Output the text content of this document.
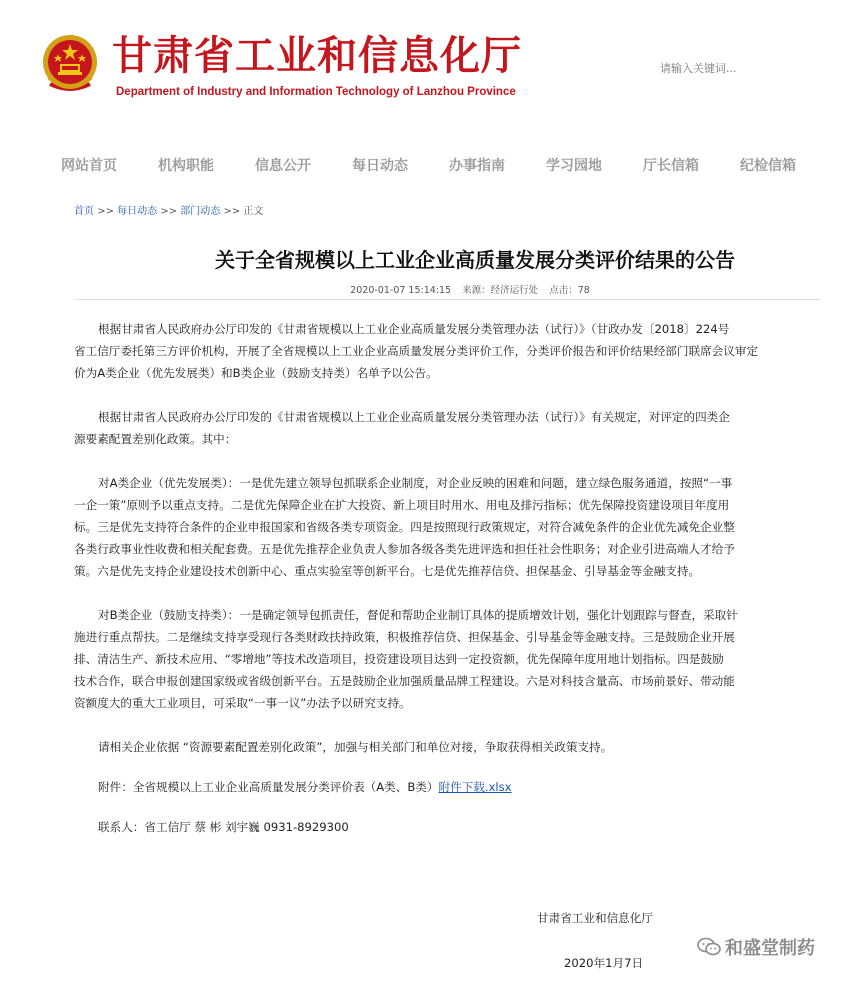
甘肃省工业和信息化厅
Department of Industry and Information Technology of Lanzhou Province
请输入关键词...
网站首页	机构职能	信息公开	每日动态	办事指南	学习园地	厅长信箱	纪检信箱
首页 >> 每日动态 >> 部门动态 >> 正文
关于全省规模以上工业企业高质量发展分类评价结果的公告
2020-01-07 15:14:15 来源：经济运行处 点击：78
根据甘肃省人民政府办公厅印发的《甘肃省规模以上工业企业高质量发展分类管理办法（试行）》（甘政办发〔2018〕224号
省工信厅委托第三方评价机构，开展了全省规模以上工业企业高质量发展分类评价工作，分类评价报告和评价结果经部门联席会议审定
价为A类企业（优先发展类）和B类企业（鼓励支持类）名单予以公告。
根据甘肃省人民政府办公厅印发的《甘肃省规模以上工业企业高质量发展分类管理办法（试行）》有关规定，对评定的四类企
源要素配置差别化政策。其中：
对A类企业（优先发展类）：一是优先建立领导包抓联系企业制度，对企业反映的困难和问题，建立绿色服务通道，按照“一事
一企一策”原则予以重点支持。二是优先保障企业在扩大投资、新上项目时用水、用电及排污指标；优先保障投资建设项目年度用
标。三是优先支持符合条件的企业申报国家和省级各类专项资金。四是按照现行政策规定，对符合减免条件的企业优先减免企业整
各类行政事业性收费和相关配套费。五是优先推荐企业负责人参加各级各类先进评选和担任社会性职务；对企业引进高端人才给予
策。六是优先支持企业建设技术创新中心、重点实验室等创新平台。七是优先推荐信贷、担保基金、引导基金等金融支持。
对B类企业（鼓励支持类）：一是确定领导包抓责任，督促和帮助企业制订具体的提质增效计划，强化计划跟踪与督查，采取针
施进行重点帮扶。二是继续支持享受现行各类财政扶持政策，积极推荐信贷、担保基金、引导基金等金融支持。三是鼓励企业开展
排、清洁生产、新技术应用、“零增地”等技术改造项目，投资建设项目达到一定投资额，优先保障年度用地计划指标。四是鼓励
技术合作，联合申报创建国家级或省级创新平台。五是鼓励企业加强质量品牌工程建设。六是对科技含量高、市场前景好、带动能
资额度大的重大工业项目，可采取“一事一议”办法予以研究支持。
请相关企业依据 “资源要素配置差别化政策”，加强与相关部门和单位对接，争取获得相关政策支持。
附件：全省规模以上工业企业高质量发展分类评价表（A类、B类）附件下载.xlsx
联系人：省工信厅 蔡 彬 刘宇巍 0931-8929300
甘肃省工业和信息化厅
2020年1月7日
和盛堂制药
